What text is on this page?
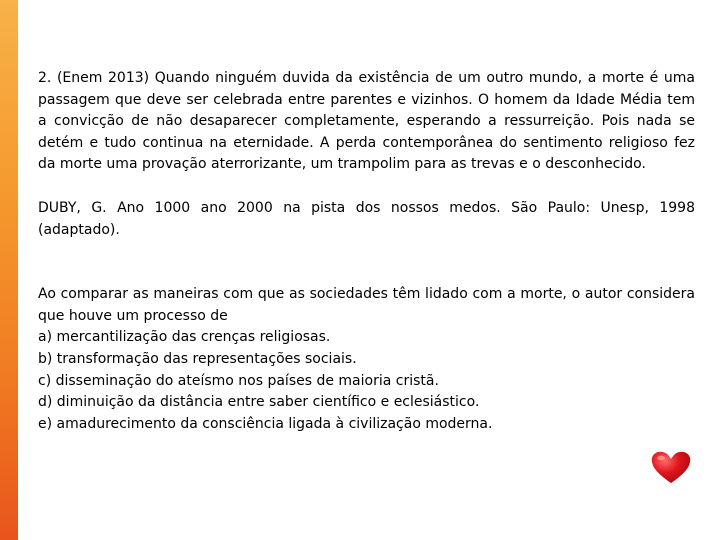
2. (Enem 2013) Quando ninguém duvida da existência de um outro mundo, a morte é uma passagem que deve ser celebrada entre parentes e vizinhos. O homem da Idade Média tem a convicção de não desaparecer completamente, esperando a ressurreição. Pois nada se detém e tudo continua na eternidade. A perda contemporânea do sentimento religioso fez da morte uma provação aterrorizante, um trampolim para as trevas e o desconhecido.

DUBY, G. Ano 1000 ano 2000 na pista dos nossos medos. São Paulo: Unesp, 1998 (adaptado).

Ao comparar as maneiras com que as sociedades têm lidado com a morte, o autor considera que houve um processo de

a) mercantilização das crenças religiosas.
b) transformação das representações sociais.
c) disseminação do ateísmo nos países de maioria cristã.
d) diminuição da distância entre saber científico e eclesiástico.
e) amadurecimento da consciência ligada à civilização moderna.
